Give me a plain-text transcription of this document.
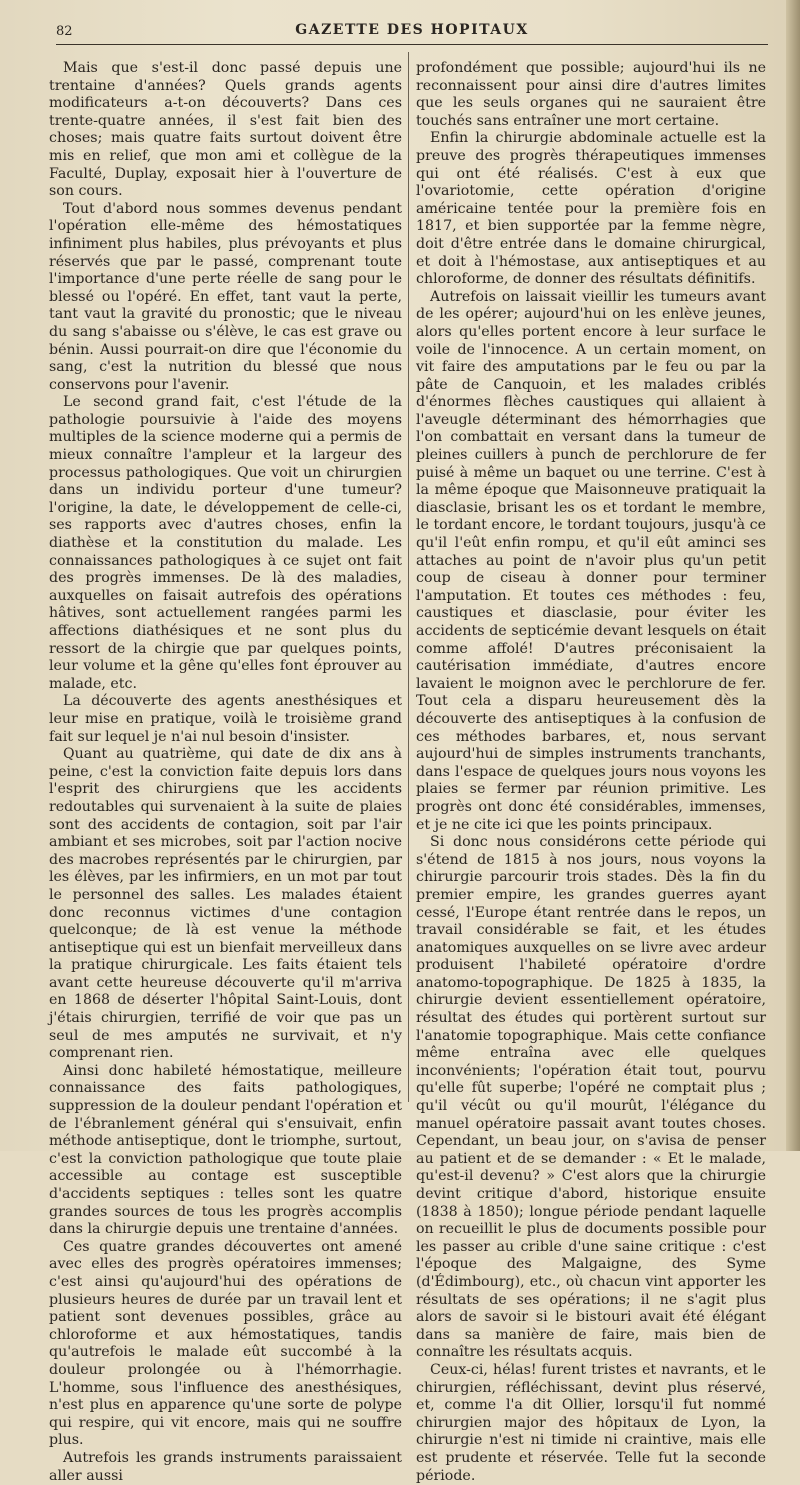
82	GAZETTE DES HOPITAUX

Mais que s'est-il donc passé depuis une trentaine d'années? Quels grands agents modificateurs a-t-on découverts? Dans ces trente-quatre années, il s'est fait bien des choses; mais quatre faits surtout doivent être mis en relief, que mon ami et collègue de la Faculté, Duplay, exposait hier à l'ouverture de son cours.

Tout d'abord nous sommes devenus pendant l'opération elle-même des hémostatiques infiniment plus habiles, plus prévoyants et plus réservés que par le passé, comprenant toute l'importance d'une perte réelle de sang pour le blessé ou l'opéré. En effet, tant vaut la perte, tant vaut la gravité du pronostic; que le niveau du sang s'abaisse ou s'élève, le cas est grave ou bénin. Aussi pourrait-on dire que l'économie du sang, c'est la nutrition du blessé que nous conservons pour l'avenir.

Le second grand fait, c'est l'étude de la pathologie poursuivie à l'aide des moyens multiples de la science moderne qui a permis de mieux connaître l'ampleur et la largeur des processus pathologiques. Que voit un chirurgien dans un individu porteur d'une tumeur? l'origine, la date, le développement de celle-ci, ses rapports avec d'autres choses, enfin la diathèse et la constitution du malade. Les connaissances pathologiques à ce sujet ont fait des progrès immenses. De là des maladies, auxquelles on faisait autrefois des opérations hâtives, sont actuellement rangées parmi les affections diathésiques et ne sont plus du ressort de la chirgie que par quelques points, leur volume et la gêne qu'elles font éprouver au malade, etc.

La découverte des agents anesthésiques et leur mise en pratique, voilà le troisième grand fait sur lequel je n'ai nul besoin d'insister.

Quant au quatrième, qui date de dix ans à peine, c'est la conviction faite depuis lors dans l'esprit des chirurgiens que les accidents redoutables qui survenaient à la suite de plaies sont des accidents de contagion, soit par l'air ambiant et ses microbes, soit par l'action nocive des macrobes représentés par le chirurgien, par les élèves, par les infirmiers, en un mot par tout le personnel des salles. Les malades étaient donc reconnus victimes d'une contagion quelconque; de là est venue la méthode antiseptique qui est un bienfait merveilleux dans la pratique chirurgicale. Les faits étaient tels avant cette heureuse découverte qu'il m'arriva en 1868 de déserter l'hôpital Saint-Louis, dont j'étais chirurgien, terrifié de voir que pas un seul de mes amputés ne survivait, et n'y comprenant rien.

Ainsi donc habileté hémostatique, meilleure connaissance des faits pathologiques, suppression de la douleur pendant l'opération et de l'ébranlement général qui s'ensuivait, enfin méthode antiseptique, dont le triomphe, surtout, c'est la conviction pathologique que toute plaie accessible au contage est susceptible d'accidents septiques : telles sont les quatre grandes sources de tous les progrès accomplis dans la chirurgie depuis une trentaine d'années.

Ces quatre grandes découvertes ont amené avec elles des progrès opératoires immenses; c'est ainsi qu'aujourd'hui des opérations de plusieurs heures de durée par un travail lent et patient sont devenues possibles, grâce au chloroforme et aux hémostatiques, tandis qu'autrefois le malade eût succombé à la douleur prolongée ou à l'hémorrhagie. L'homme, sous l'influence des anesthésiques, n'est plus en apparence qu'une sorte de polype qui respire, qui vit encore, mais qui ne souffre plus.

Autrefois les grands instruments paraissaient aller aussi

profondément que possible; aujourd'hui ils ne reconnaissent pour ainsi dire d'autres limites que les seuls organes qui ne sauraient être touchés sans entraîner une mort certaine.

Enfin la chirurgie abdominale actuelle est la preuve des progrès thérapeutiques immenses qui ont été réalisés. C'est à eux que l'ovariotomie, cette opération d'origine américaine tentée pour la première fois en 1817, et bien supportée par la femme nègre, doit d'être entrée dans le domaine chirurgical, et doit à l'hémostase, aux antiseptiques et au chloroforme, de donner des résultats définitifs.

Autrefois on laissait vieillir les tumeurs avant de les opérer; aujourd'hui on les enlève jeunes, alors qu'elles portent encore à leur surface le voile de l'innocence. A un certain moment, on vit faire des amputations par le feu ou par la pâte de Canquoin, et les malades criblés d'énormes flèches caustiques qui allaient à l'aveugle déterminant des hémorrhagies que l'on combattait en versant dans la tumeur de pleines cuillers à punch de perchlorure de fer puisé à même un baquet ou une terrine. C'est à la même époque que Maisonneuve pratiquait la diasclasie, brisant les os et tordant le membre, le tordant encore, le tordant toujours, jusqu'à ce qu'il l'eût enfin rompu, et qu'il eût aminci ses attaches au point de n'avoir plus qu'un petit coup de ciseau à donner pour terminer l'amputation. Et toutes ces méthodes : feu, caustiques et diasclasie, pour éviter les accidents de septicémie devant lesquels on était comme affolé! D'autres préconisaient la cautérisation immédiate, d'autres encore lavaient le moignon avec le perchlorure de fer. Tout cela a disparu heureusement dès la découverte des antiseptiques à la confusion de ces méthodes barbares, et, nous servant aujourd'hui de simples instruments tranchants, dans l'espace de quelques jours nous voyons les plaies se fermer par réunion primitive. Les progrès ont donc été considérables, immenses, et je ne cite ici que les points principaux.

Si donc nous considérons cette période qui s'étend de 1815 à nos jours, nous voyons la chirurgie parcourir trois stades. Dès la fin du premier empire, les grandes guerres ayant cessé, l'Europe étant rentrée dans le repos, un travail considérable se fait, et les études anatomiques auxquelles on se livre avec ardeur produisent l'habileté opératoire d'ordre anatomo-topographique. De 1825 à 1835, la chirurgie devient essentiellement opératoire, résultat des études qui portèrent surtout sur l'anatomie topographique. Mais cette confiance même entraîna avec elle quelques inconvénients; l'opération était tout, pourvu qu'elle fût superbe; l'opéré ne comptait plus ; qu'il vécût ou qu'il mourût, l'élégance du manuel opératoire passait avant toutes choses. Cependant, un beau jour, on s'avisa de penser au patient et de se demander : « Et le malade, qu'est-il devenu? » C'est alors que la chirurgie devint critique d'abord, historique ensuite (1838 à 1850); longue période pendant laquelle on recueillit le plus de documents possible pour les passer au crible d'une saine critique : c'est l'époque des Malgaigne, des Syme (d'Édimbourg), etc., où chacun vint apporter les résultats de ses opérations; il ne s'agit plus alors de savoir si le bistouri avait été élégant dans sa manière de faire, mais bien de connaître les résultats acquis.

Ceux-ci, hélas! furent tristes et navrants, et le chirurgien, réfléchissant, devint plus réservé, et, comme l'a dit Ollier, lorsqu'il fut nommé chirurgien major des hôpitaux de Lyon, la chirurgie n'est ni timide ni craintive, mais elle est prudente et réservée. Telle fut la seconde période.
